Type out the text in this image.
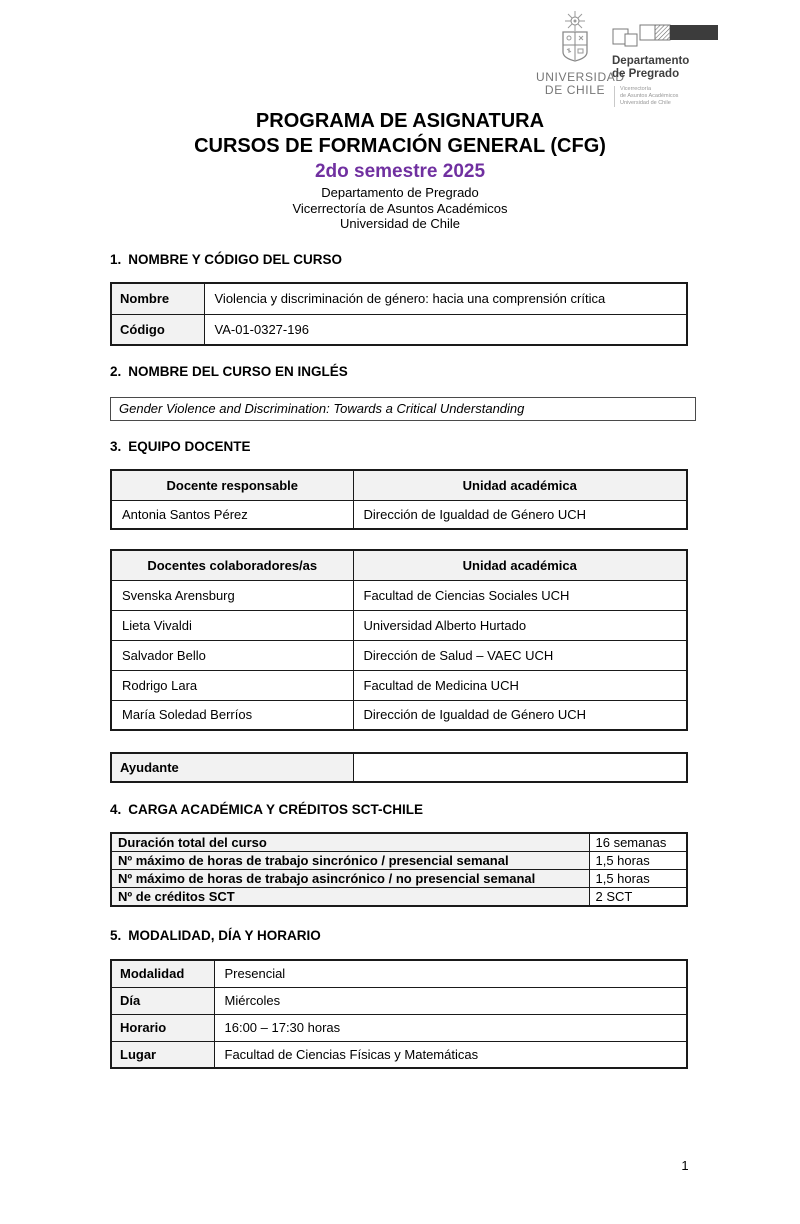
UNIVERSIDAD
DE CHILE
Departamento
de Pregrado
Vicerrectoría
de Asuntos Académicos
Universidad de Chile
PROGRAMA DE ASIGNATURA
CURSOS DE FORMACIÓN GENERAL (CFG)
2do semestre 2025
Departamento de Pregrado
Vicerrectoría de Asuntos Académicos
Universidad de Chile
1. NOMBRE Y CÓDIGO DEL CURSO
Nombre	Violencia y discriminación de género: hacia una comprensión crítica
Código	VA-01-0327-196
2. NOMBRE DEL CURSO EN INGLÉS
Gender Violence and Discrimination: Towards a Critical Understanding
3. EQUIPO DOCENTE
Docente responsable	Unidad académica
Antonia Santos Pérez	Dirección de Igualdad de Género UCH
Docentes colaboradores/as	Unidad académica
Svenska Arensburg	Facultad de Ciencias Sociales UCH
Lieta Vivaldi	Universidad Alberto Hurtado
Salvador Bello	Dirección de Salud – VAEC UCH
Rodrigo Lara	Facultad de Medicina UCH
María Soledad Berríos	Dirección de Igualdad de Género UCH
Ayudante	
4. CARGA ACADÉMICA Y CRÉDITOS SCT-CHILE
Duración total del curso	16 semanas
Nº máximo de horas de trabajo sincrónico / presencial semanal	1,5 horas
Nº máximo de horas de trabajo asincrónico / no presencial semanal	1,5 horas
Nº de créditos SCT	2 SCT
5. MODALIDAD, DÍA Y HORARIO
Modalidad	Presencial
Día	Miércoles
Horario	16:00 – 17:30 horas
Lugar	Facultad de Ciencias Físicas y Matemáticas
1
